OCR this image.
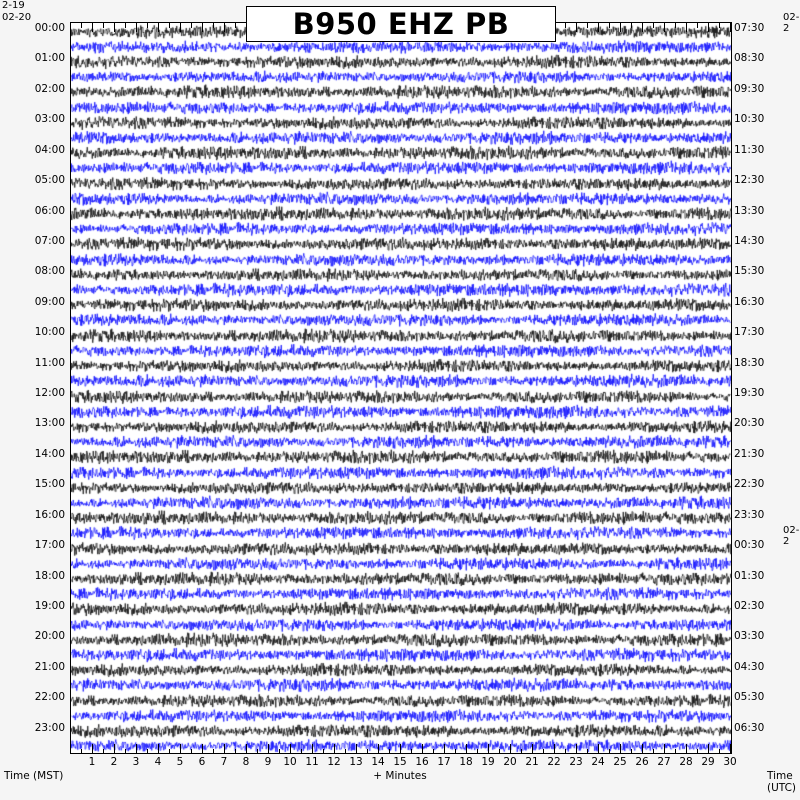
2-19
02-20	02-2
02-2
B950 EHZ PB
00:00
01:00
02:00
03:00
04:00
05:00
06:00
07:00
08:00
09:00
10:00
11:00
12:00
13:00
14:00
15:00
16:00
17:00
18:00
19:00
20:00
21:00
22:00
23:00
07:30
08:30
09:30
10:30
11:30
12:30
13:30
14:30
15:30
16:30
17:30
18:30
19:30
20:30
21:30
22:30
23:30
00:30
01:30
02:30
03:30
04:30
05:30
06:30
1 2 3 4 5 6 7 8 9 10 11 12 13 14 15 16 17 18 19 20 21 22 23 24 25 26 27 28 29 30
Time (MST)	+ Minutes	Time (UTC)
